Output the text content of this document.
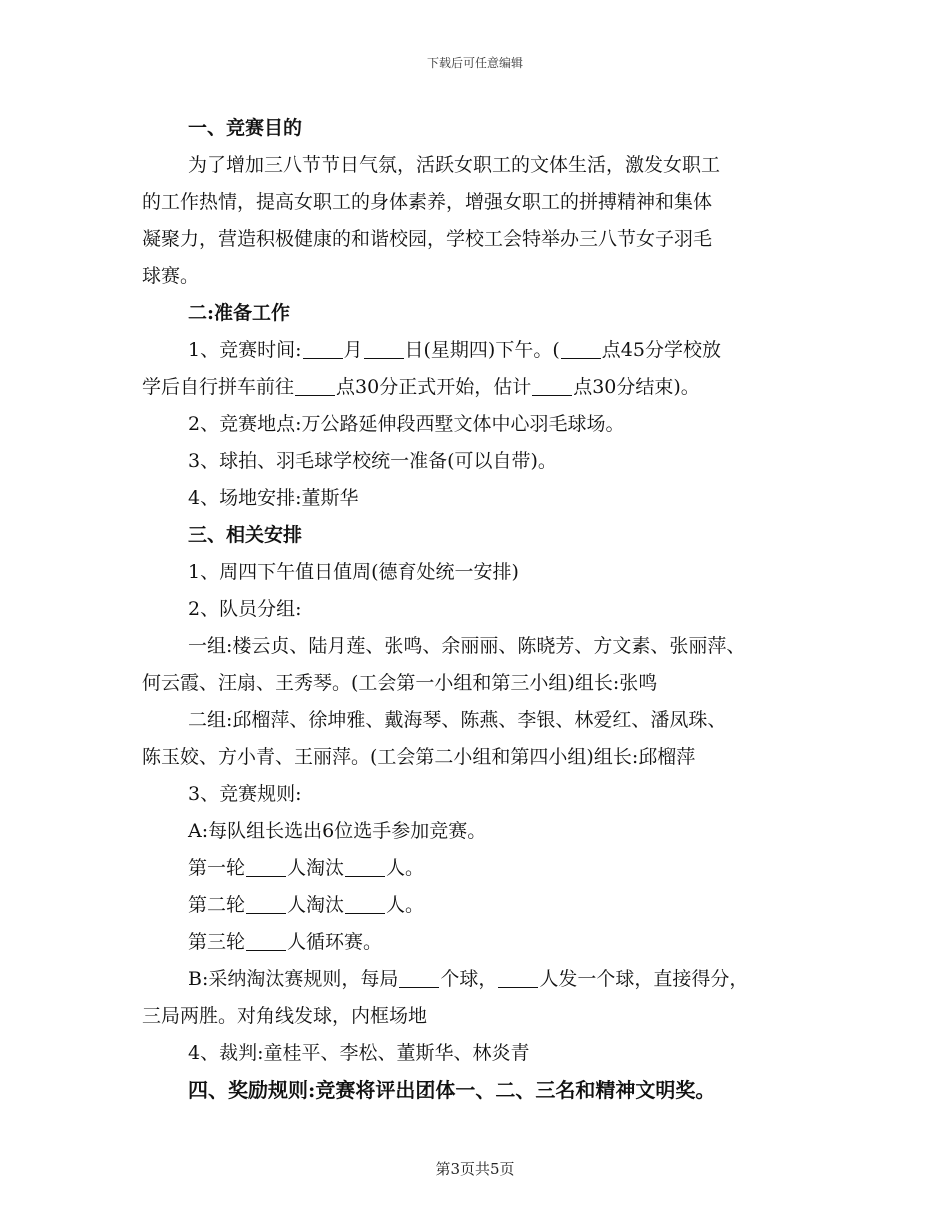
下载后可任意编辑

一、竞赛目的

为了增加三八节节日气氛，活跃女职工的文体生活，激发女职工

的工作热情，提高女职工的身体素养，增强女职工的拼搏精神和集体

凝聚力，营造积极健康的和谐校园，学校工会特举办三八节女子羽毛

球赛。

二:准备工作

1、竞赛时间: 月 日(星期四)下午。( 点45分学校放

学后自行拼车前往 点30分正式开始，估计 点30分结束)。

2、竞赛地点:万公路延伸段西墅文体中心羽毛球场。

3、球拍、羽毛球学校统一准备(可以自带)。

4、场地安排:董斯华

三、相关安排

1、周四下午值日值周(德育处统一安排)

2、队员分组:

一组:楼云贞、陆月莲、张鸣、余丽丽、陈晓芳、方文素、张丽萍、

何云霞、汪扇、王秀琴。(工会第一小组和第三小组)组长:张鸣

二组:邱榴萍、徐坤雅、戴海琴、陈燕、李银、林爱红、潘凤珠、

陈玉姣、方小青、王丽萍。(工会第二小组和第四小组)组长:邱榴萍

3、竞赛规则:

A:每队组长选出6位选手参加竞赛。

第一轮 人淘汰 人。

第二轮 人淘汰 人。

第三轮 人循环赛。

B:采纳淘汰赛规则，每局 个球， 人发一个球，直接得分，

三局两胜。对角线发球，内框场地

4、裁判:童桂平、李松、董斯华、林炎青

四、奖励规则:竞赛将评出团体一、二、三名和精神文明奖。

第3页共5页
